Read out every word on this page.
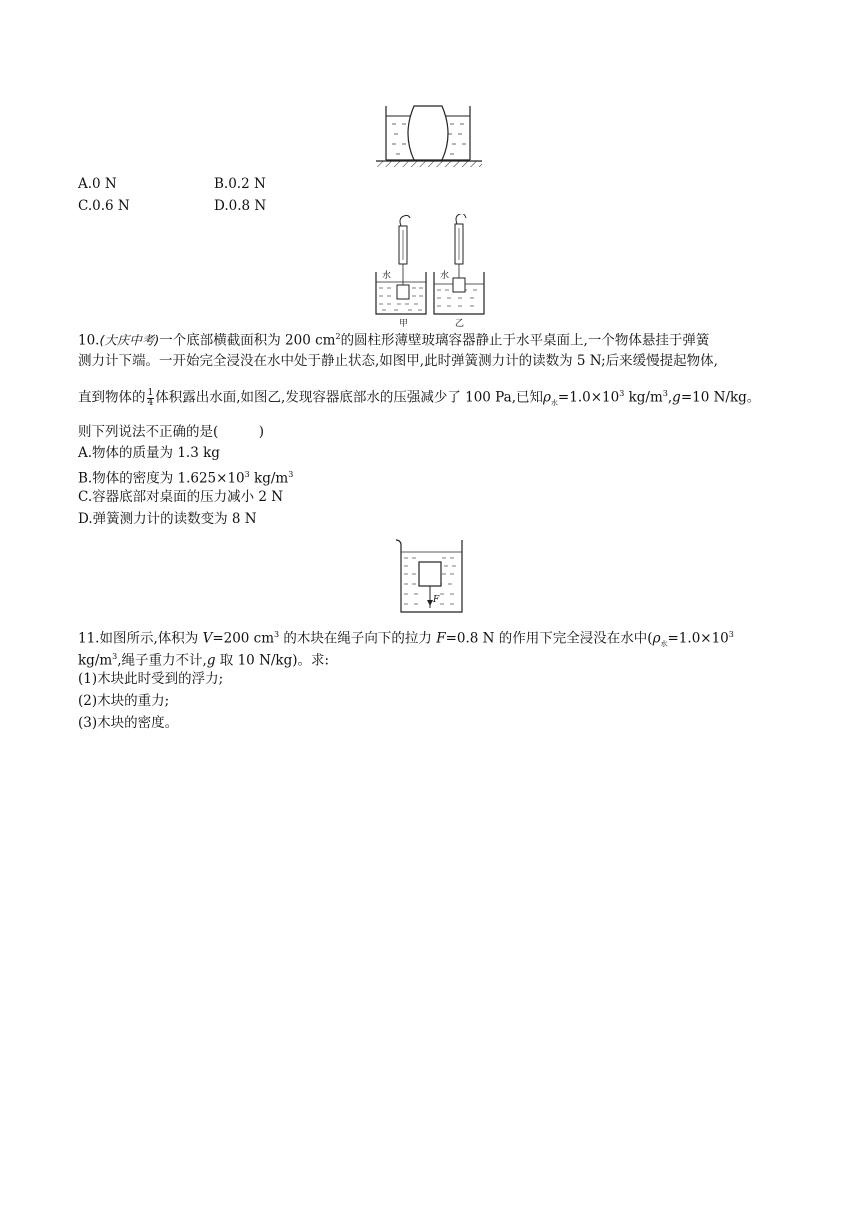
A.0 N	B.0.2 N
C.0.6 N	D.0.8 N
水	水
甲	乙
10.(大庆中考)一个底部横截面积为 200 $cm^2$的圆柱形薄壁玻璃容器静止于水平桌面上,一个物体悬挂于弹簧
测力计下端。一开始完全浸没在水中处于静止状态,如图甲,此时弹簧测力计的读数为 5 N;后来缓慢提起物体,
直到物体的 $\frac{1}{4}$ 体积露出水面,如图乙,发现容器底部水的压强减少了 100 Pa,已知$\rho_水=1.0\times 10^3$ $kg/m^3,g=10$ N/kg。
则下列说法不正确的是(　　　)
A.物体的质量为 1.3 kg
B.物体的密度为 $1.625\times 10^3$ $kg/m^3$
C.容器底部对桌面的压力减小 2 N
D.弹簧测力计的读数变为 8 N
F
11.如图所示,体积为 V=200 $cm^3$ 的木块在绳子向下的拉力 F=0.8 N 的作用下完全浸没在水中($\rho_水=1.0\times 10^3$
$kg/m^3$,绳子重力不计,g 取 10 N/kg)。求:
(1)木块此时受到的浮力;
(2)木块的重力;
(3)木块的密度。
